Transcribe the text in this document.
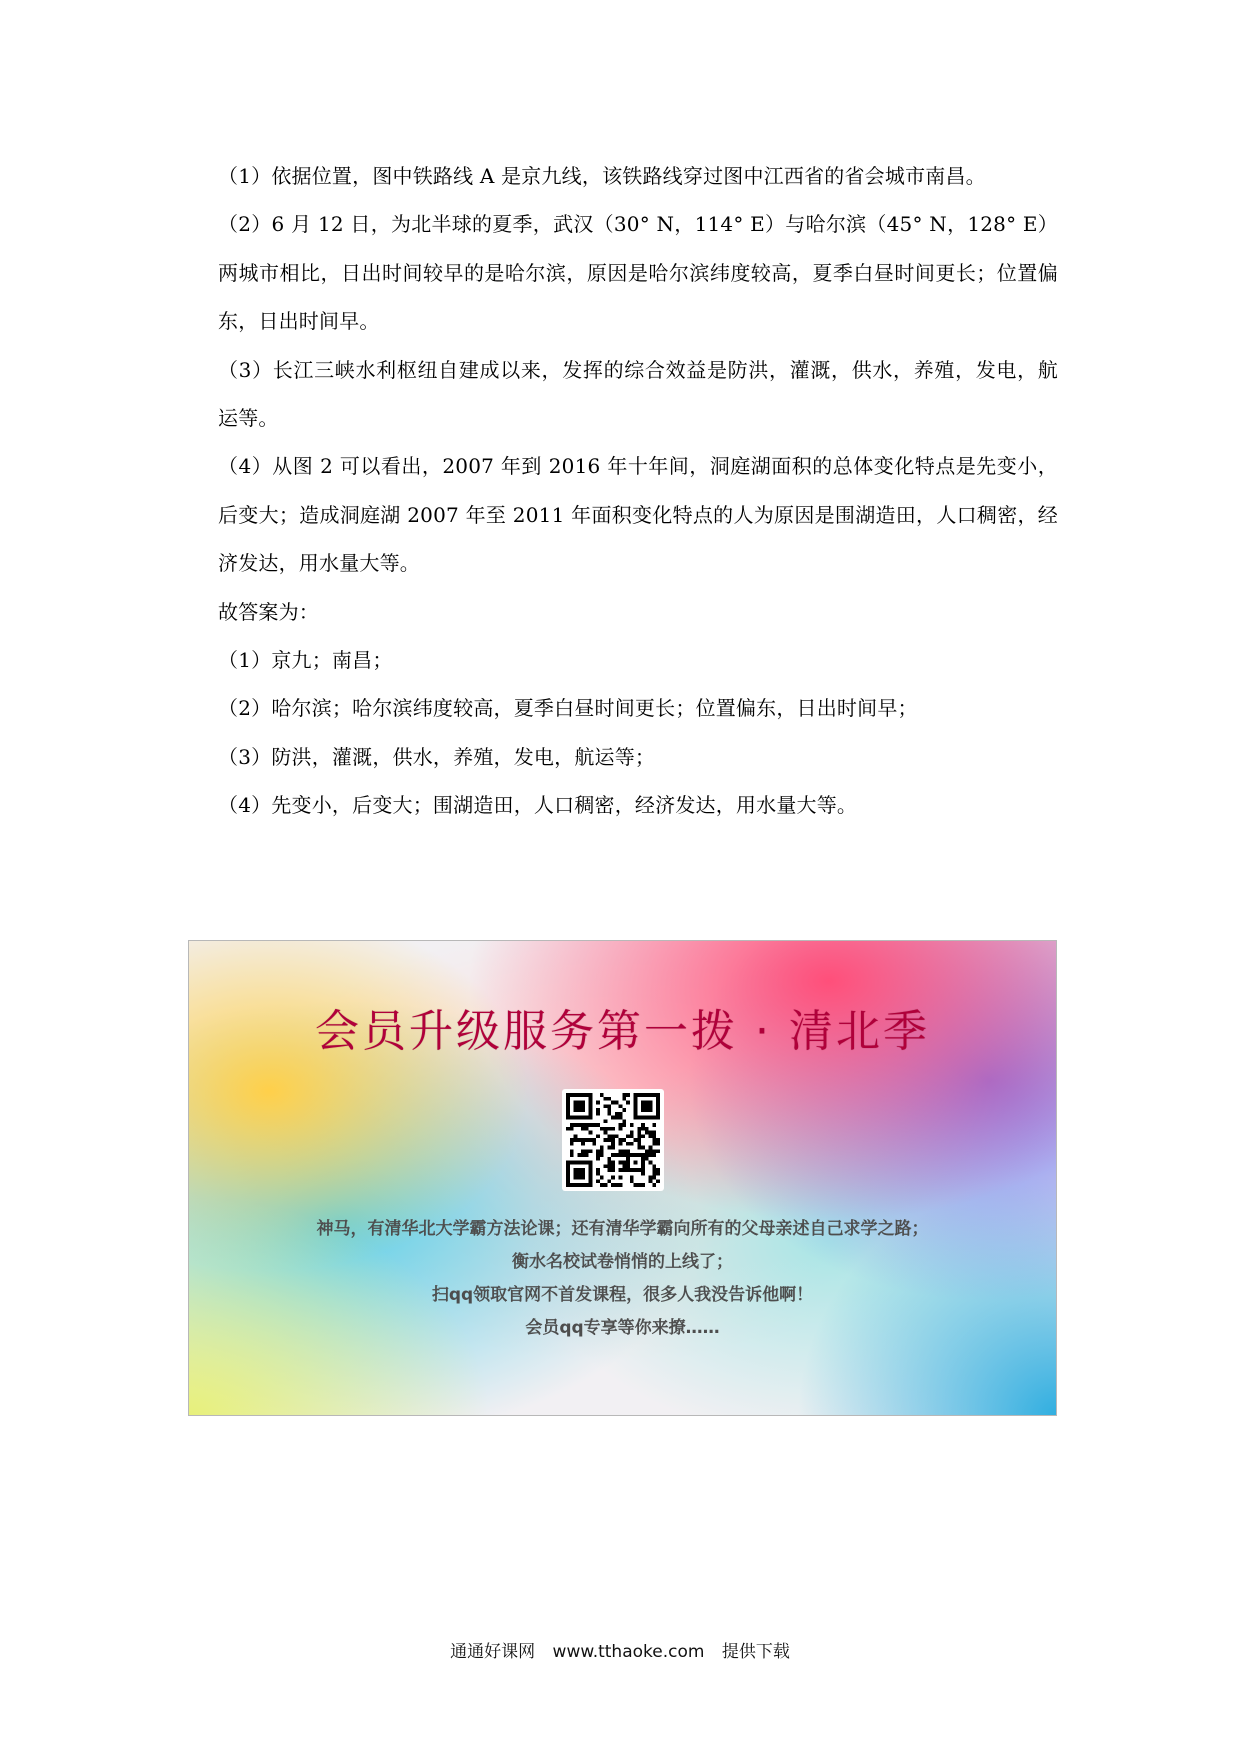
（1）依据位置，图中铁路线 A 是京九线，该铁路线穿过图中江西省的省会城市南昌。

（2）6 月 12 日，为北半球的夏季，武汉（30° N，114° E）与哈尔滨（45° N，128° E）两城市相比，日出时间较早的是哈尔滨，原因是哈尔滨纬度较高，夏季白昼时间更长；位置偏东，日出时间早。

（3）长江三峡水利枢纽自建成以来，发挥的综合效益是防洪，灌溉，供水，养殖，发电，航运等。

（4）从图 2 可以看出，2007 年到 2016 年十年间，洞庭湖面积的总体变化特点是先变小，后变大；造成洞庭湖 2007 年至 2011 年面积变化特点的人为原因是围湖造田，人口稠密，经济发达，用水量大等。

故答案为：

（1）京九；南昌；

（2）哈尔滨；哈尔滨纬度较高，夏季白昼时间更长；位置偏东，日出时间早；

（3）防洪，灌溉，供水，养殖，发电，航运等；

（4）先变小，后变大；围湖造田，人口稠密，经济发达，用水量大等。

会员升级服务第一拨 · 清北季
神马，有清华北大学霸方法论课；还有清华学霸向所有的父母亲述自己求学之路；
衡水名校试卷悄悄的上线了；
扫qq领取官网不首发课程，很多人我没告诉他啊！
会员qq专享等你来撩……
通通好课网 www.tthaoke.com 提供下载
